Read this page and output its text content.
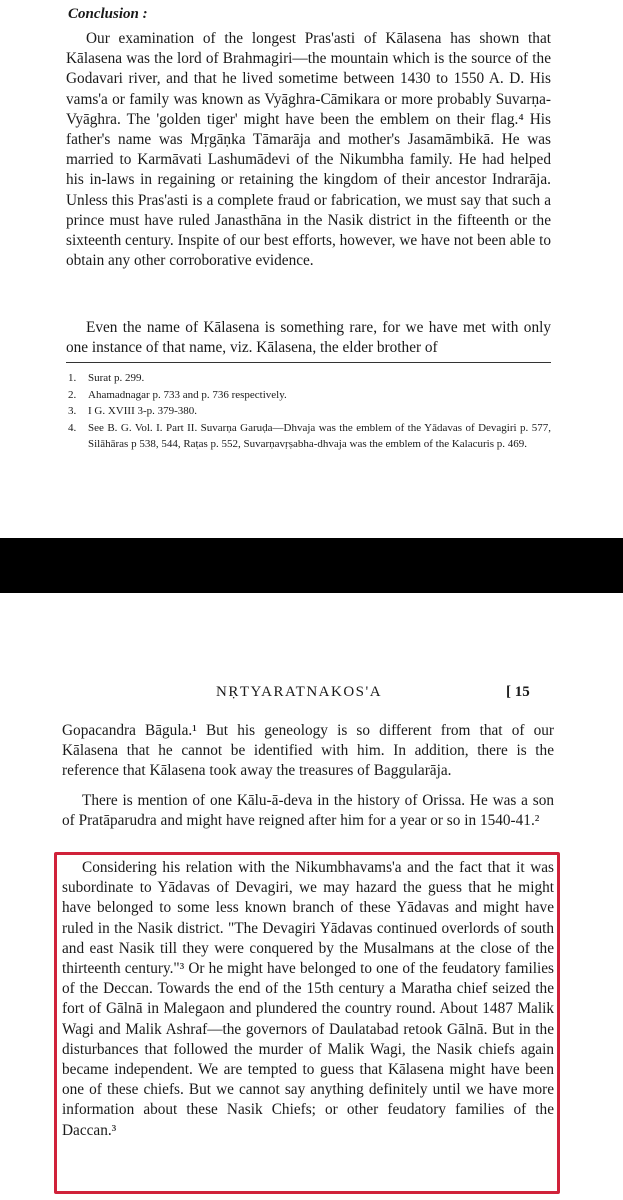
Conclusion :

Our examination of the longest Pras'asti of Kālasena has shown that Kālasena was the lord of Brahmagiri—the mountain which is the source of the Godavari river, and that he lived sometime between 1430 to 1550 A. D. His vams'a or family was known as Vyāghra-Cāmikara or more probably Suvarṇa-Vyāghra. The 'golden tiger' might have been the emblem on their flag.⁴ His father's name was Mṛgāṇka Tāmarāja and mother's Jasamāmbikā. He was married to Karmāvati Lashumādevi of the Nikumbha family. He had helped his in-laws in regaining or retaining the kingdom of their ancestor Indrarāja. Unless this Pras'asti is a complete fraud or fabrication, we must say that such a prince must have ruled Janasthāna in the Nasik district in the fifteenth or the sixteenth century. Inspite of our best efforts, however, we have not been able to obtain any other corroborative evidence.

Even the name of Kālasena is something rare, for we have met with only one instance of that name, viz. Kālasena, the elder brother of

1.	Surat p. 299.
2.	Ahamadnagar p. 733 and p. 736 respectively.
3.	I G. XVIII 3-p. 379-380.
4.	See B. G. Vol. I. Part II. Suvarṇa Garuḍa—Dhvaja was the emblem of the Yādavas of Devagiri p. 577, Silāhāras p 538, 544, Raṭas p. 552, Suvarṇavṛṣabha-dhvaja was the emblem of the Kalacuris p. 469.
NṚTYARATNAKOS'A	[ 15

Gopacandra Bāgula.¹ But his geneology is so different from that of our Kālasena that he cannot be identified with him. In addition, there is the reference that Kālasena took away the treasures of Baggularāja.

There is mention of one Kālu-ā-deva in the history of Orissa. He was a son of Pratāparudra and might have reigned after him for a year or so in 1540-41.²

Considering his relation with the Nikumbhavams'a and the fact that it was subordinate to Yādavas of Devagiri, we may hazard the guess that he might have belonged to some less known branch of these Yādavas and might have ruled in the Nasik district. "The Devagiri Yādavas continued overlords of south and east Nasik till they were conquered by the Musalmans at the close of the thirteenth century."³ Or he might have belonged to one of the feudatory families of the Deccan. Towards the end of the 15th century a Maratha chief seized the fort of Gālnā in Malegaon and plundered the country round. About 1487 Malik Wagi and Malik Ashraf—the governors of Daulatabad retook Gālnā. But in the disturbances that followed the murder of Malik Wagi, the Nasik chiefs again became independent. We are tempted to guess that Kālasena might have been one of these chiefs. But we cannot say anything definitely until we have more information about these Nasik Chiefs; or other feudatory families of the Daccan.³
